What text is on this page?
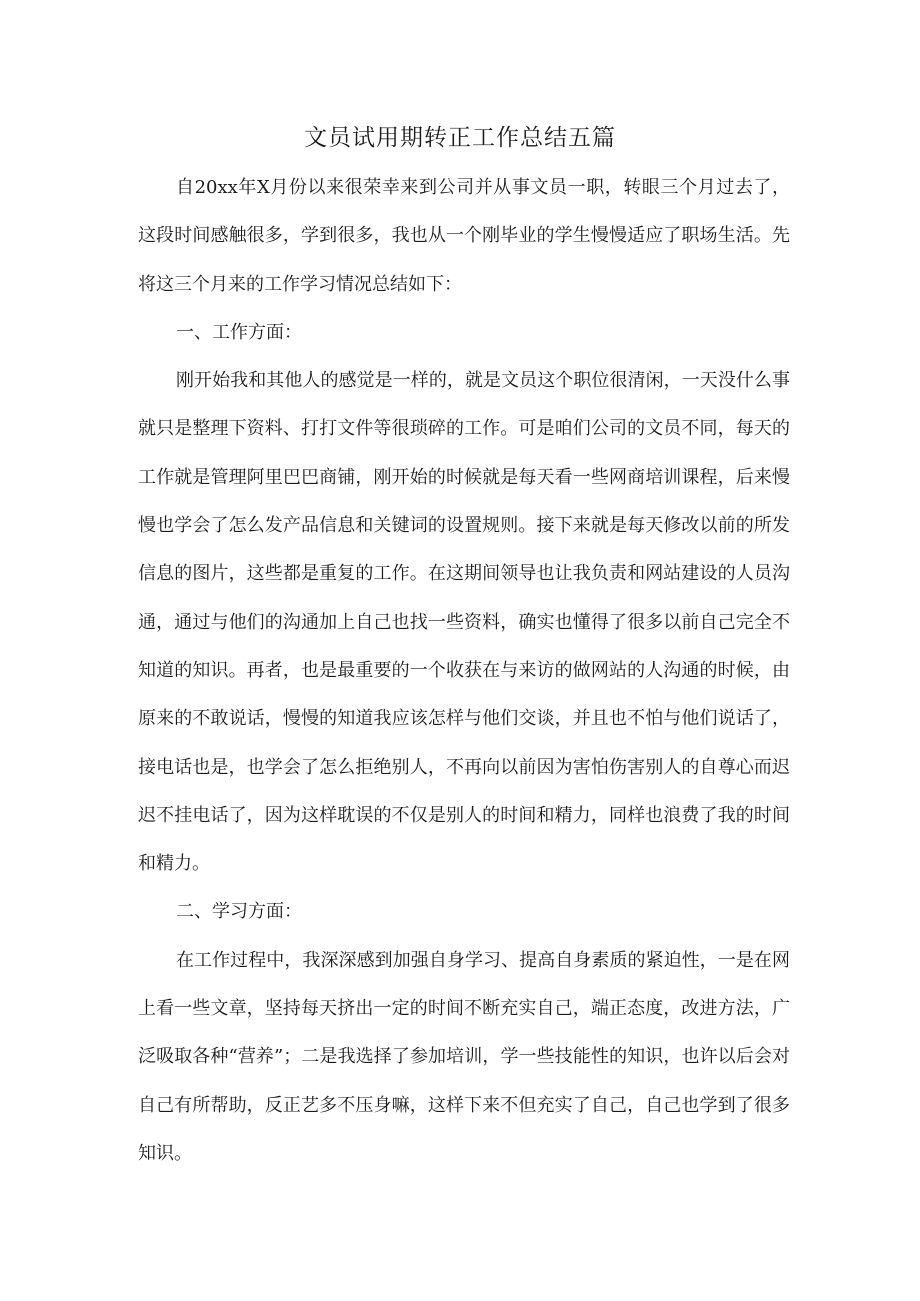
文员试用期转正工作总结五篇

自20xx年X月份以来很荣幸来到公司并从事文员一职，转眼三个月过去了，这段时间感触很多，学到很多，我也从一个刚毕业的学生慢慢适应了职场生活。先将这三个月来的工作学习情况总结如下：

一、工作方面：

刚开始我和其他人的感觉是一样的，就是文员这个职位很清闲，一天没什么事就只是整理下资料、打打文件等很琐碎的工作。可是咱们公司的文员不同，每天的工作就是管理阿里巴巴商铺，刚开始的时候就是每天看一些网商培训课程，后来慢慢也学会了怎么发产品信息和关键词的设置规则。接下来就是每天修改以前的所发信息的图片，这些都是重复的工作。在这期间领导也让我负责和网站建设的人员沟通，通过与他们的沟通加上自己也找一些资料，确实也懂得了很多以前自己完全不知道的知识。再者，也是最重要的一个收获在与来访的做网站的人沟通的时候，由原来的不敢说话，慢慢的知道我应该怎样与他们交谈，并且也不怕与他们说话了，接电话也是，也学会了怎么拒绝别人，不再向以前因为害怕伤害别人的自尊心而迟迟不挂电话了，因为这样耽误的不仅是别人的时间和精力，同样也浪费了我的时间和精力。

二、学习方面：

在工作过程中，我深深感到加强自身学习、提高自身素质的紧迫性，一是在网上看一些文章，坚持每天挤出一定的时间不断充实自己，端正态度，改进方法，广泛吸取各种“营养”；二是我选择了参加培训，学一些技能性的知识，也许以后会对自己有所帮助，反正艺多不压身嘛，这样下来不但充实了自己，自己也学到了很多知识。
